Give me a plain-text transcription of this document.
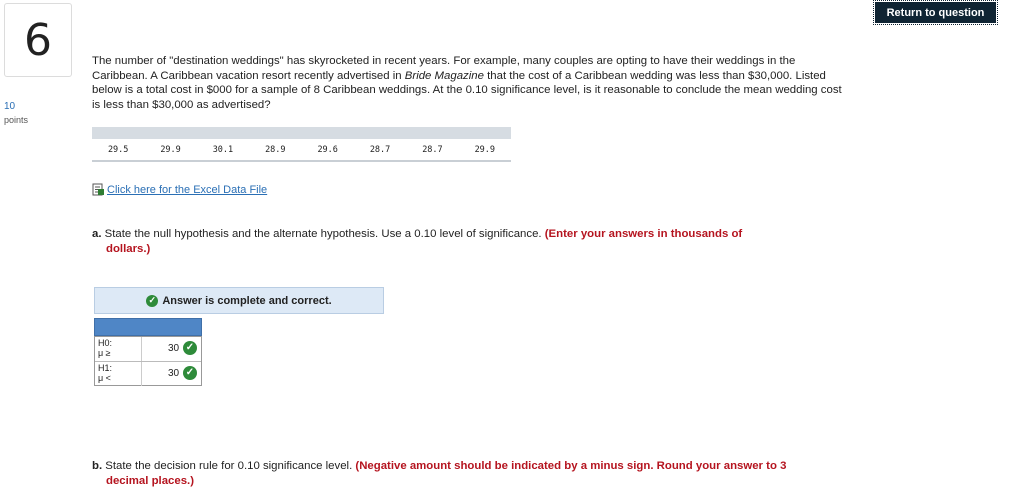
6
10
points
Return to question
The number of "destination weddings" has skyrocketed in recent years. For example, many couples are opting to have their weddings in the Caribbean. A Caribbean vacation resort recently advertised in Bride Magazine that the cost of a Caribbean wedding was less than $30,000. Listed below is a total cost in $000 for a sample of 8 Caribbean weddings. At the 0.10 significance level, is it reasonable to conclude the mean wedding cost is less than $30,000 as advertised?
29.5	29.9	30.1	28.9	29.6	28.7	28.7	29.9
Click here for the Excel Data File
a. State the null hypothesis and the alternate hypothesis. Use a 0.10 level of significance. (Enter your answers in thousands of
dollars.)
✓ Answer is complete and correct.
H0:
μ ≥	30 ✓
H1:
μ <	30 ✓
b. State the decision rule for 0.10 significance level. (Negative amount should be indicated by a minus sign. Round your answer to 3
decimal places.)
